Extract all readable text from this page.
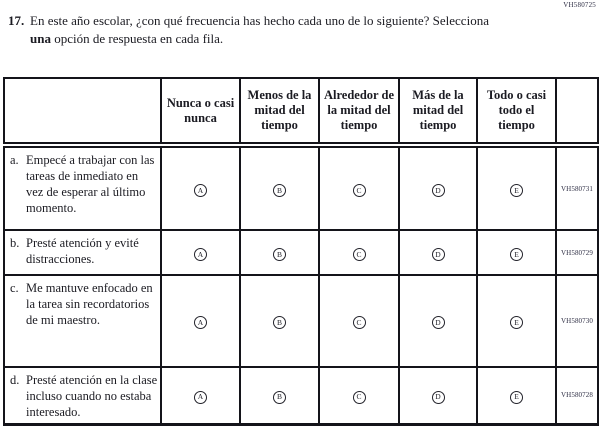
VH580725
17. En este año escolar, ¿con qué frecuencia has hecho cada uno de lo siguiente? Selecciona
una opción de respuesta en cada fila.
	Nunca o casi nunca	Menos de la mitad del tiempo	Alrededor de la mitad del tiempo	Más de la mitad del tiempo	Todo o casi todo el tiempo	

a. Empecé a trabajar con las tareas de inmediato en vez de esperar al último momento.	A	B	C	D	E	VH580731

b. Presté atención y evité distracciones.	A	B	C	D	E	VH580729

c. Me mantuve enfocado en la tarea sin recordatorios de mi maestro.	A	B	C	D	E	VH580730

d. Presté atención en la clase incluso cuando no estaba interesado.	A	B	C	D	E	VH580728
